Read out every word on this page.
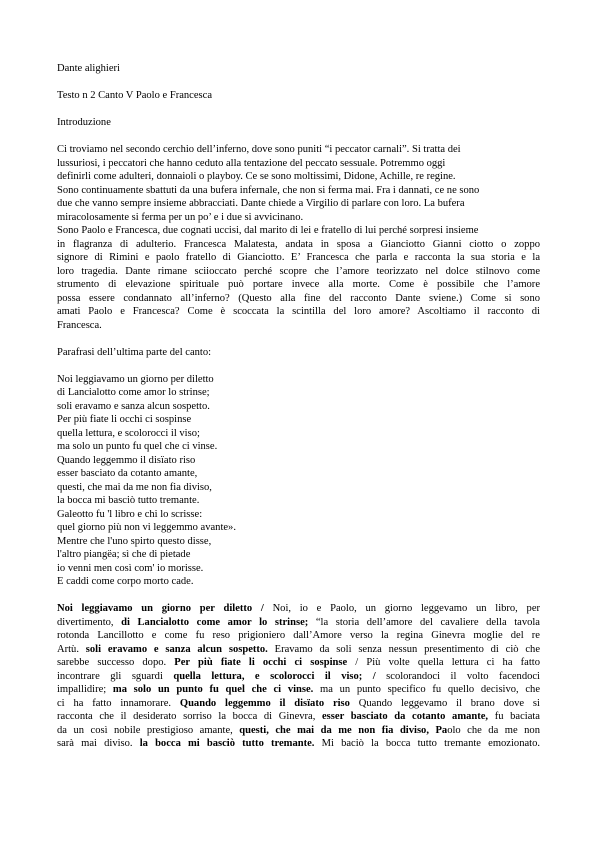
Dante alighieri
Testo n 2 Canto V Paolo e Francesca
Introduzione
Ci troviamo nel secondo cerchio dell’inferno, dove sono puniti “i peccator carnali”. Si tratta dei
lussuriosi, i peccatori che hanno ceduto alla tentazione del peccato sessuale. Potremmo oggi
definirli come adulteri, donnaioli o playboy. Ce se sono moltissimi, Didone, Achille, re regine.
Sono continuamente sbattuti da una bufera infernale, che non si ferma mai. Fra i dannati, ce ne sono
due che vanno sempre insieme abbracciati. Dante chiede a Virgilio di parlare con loro. La bufera
miracolosamente si ferma per un po’ e i due si avvicinano.
Sono Paolo e Francesca, due cognati uccisi, dal marito di lei e fratello di lui perché sorpresi insieme
in flagranza di adulterio. Francesca Malatesta, andata in sposa a Gianciotto Gianni ciotto o zoppo
signore di Rimini e paolo fratello di Gianciotto. E’ Francesca che parla e racconta la sua storia e la
loro tragedia. Dante rimane sciioccato perché scopre che l’amore teorizzato nel dolce stilnovo come
strumento di elevazione spirituale può portare invece alla morte. Come è possibile che l’amore
possa essere condannato all’inferno? (Questo alla fine del racconto Dante sviene.) Come si sono
amati Paolo e Francesca? Come è scoccata la scintilla del loro amore? Ascoltiamo il racconto di
Francesca.
Parafrasi dell’ultima parte del canto:
Noi leggiavamo un giorno per diletto
di Lancialotto come amor lo strinse;
soli eravamo e sanza alcun sospetto.
Per più fiate li occhi ci sospinse
quella lettura, e scolorocci il viso;
ma solo un punto fu quel che ci vinse.
Quando leggemmo il disïato riso
esser basciato da cotanto amante,
questi, che mai da me non fia diviso,
la bocca mi basciò tutto tremante.
Galeotto fu 'l libro e chi lo scrisse:
quel giorno più non vi leggemmo avante».
Mentre che l'uno spirto questo disse,
l'altro piangëa; sì che di pietade
io venni men così com' io morisse.
E caddi come corpo morto cade.
Noi leggiavamo un giorno per diletto / Noi, io e Paolo, un giorno leggevamo un libro, per
divertimento, di Lancialotto come amor lo strinse; “la storia dell’amore del cavaliere della tavola
rotonda Lancillotto e come fu reso prigioniero dall’Amore verso la regina Ginevra moglie del re
Artù. soli eravamo e sanza alcun sospetto. Eravamo da soli senza nessun presentimento di ciò che
sarebbe successo dopo. Per più fiate li occhi ci sospinse / Più volte quella lettura ci ha fatto
incontrare gli sguardi quella lettura, e scolorocci il viso; / scolorandoci il volto facendoci
impallidire; ma solo un punto fu quel che ci vinse. ma un punto specifico fu quello decisivo, che
ci ha fatto innamorare. Quando leggemmo il disïato riso Quando leggevamo il brano dove si
racconta che il desiderato sorriso la bocca di Ginevra, esser basciato da cotanto amante, fu baciata
da un così nobile prestigioso amante, questi, che mai da me non fia diviso, Paolo che da me non
sarà mai diviso. la bocca mi basciò tutto tremante. Mi baciò la bocca tutto tremante emozionato.
